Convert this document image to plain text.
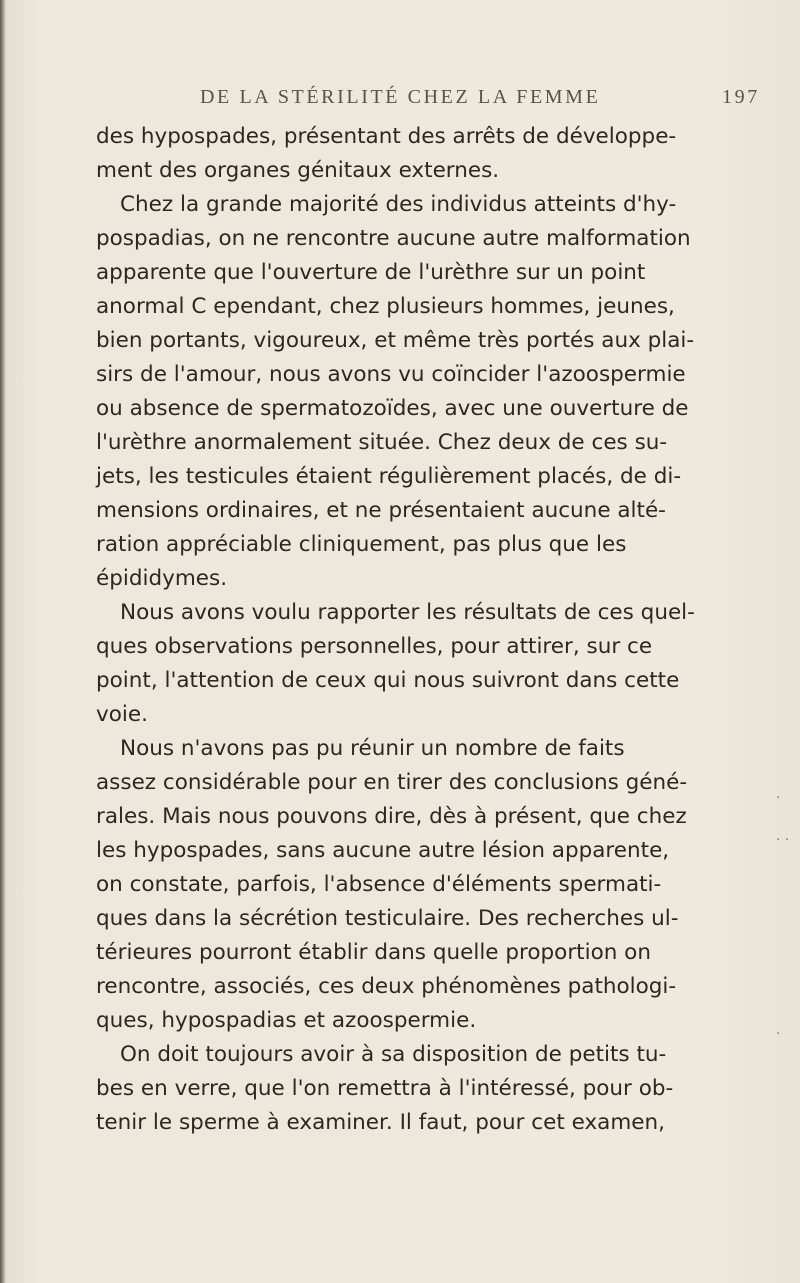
DE LA STÉRILITÉ CHEZ LA FEMME	197
des hypospades, présentant des arrêts de développe-
ment des organes génitaux externes.
Chez la grande majorité des individus atteints d'hy-
pospadias, on ne rencontre aucune autre malformation
apparente que l'ouverture de l'urèthre sur un point
anormal C ependant, chez plusieurs hommes, jeunes,
bien portants, vigoureux, et même très portés aux plai-
sirs de l'amour, nous avons vu coïncider l'azoospermie
ou absence de spermatozoïdes, avec une ouverture de
l'urèthre anormalement située. Chez deux de ces su-
jets, les testicules étaient régulièrement placés, de di-
mensions ordinaires, et ne présentaient aucune alté-
ration appréciable cliniquement, pas plus que les
épididymes.
Nous avons voulu rapporter les résultats de ces quel-
ques observations personnelles, pour attirer, sur ce
point, l'attention de ceux qui nous suivront dans cette
voie.
Nous n'avons pas pu réunir un nombre de faits
assez considérable pour en tirer des conclusions géné-
rales. Mais nous pouvons dire, dès à présent, que chez
les hypospades, sans aucune autre lésion apparente,
on constate, parfois, l'absence d'éléments spermati-
ques dans la sécrétion testiculaire. Des recherches ul-
térieures pourront établir dans quelle proportion on
rencontre, associés, ces deux phénomènes pathologi-
ques, hypospadias et azoospermie.
On doit toujours avoir à sa disposition de petits tu-
bes en verre, que l'on remettra à l'intéressé, pour ob-
tenir le sperme à examiner. Il faut, pour cet examen,
·
· ·
·
